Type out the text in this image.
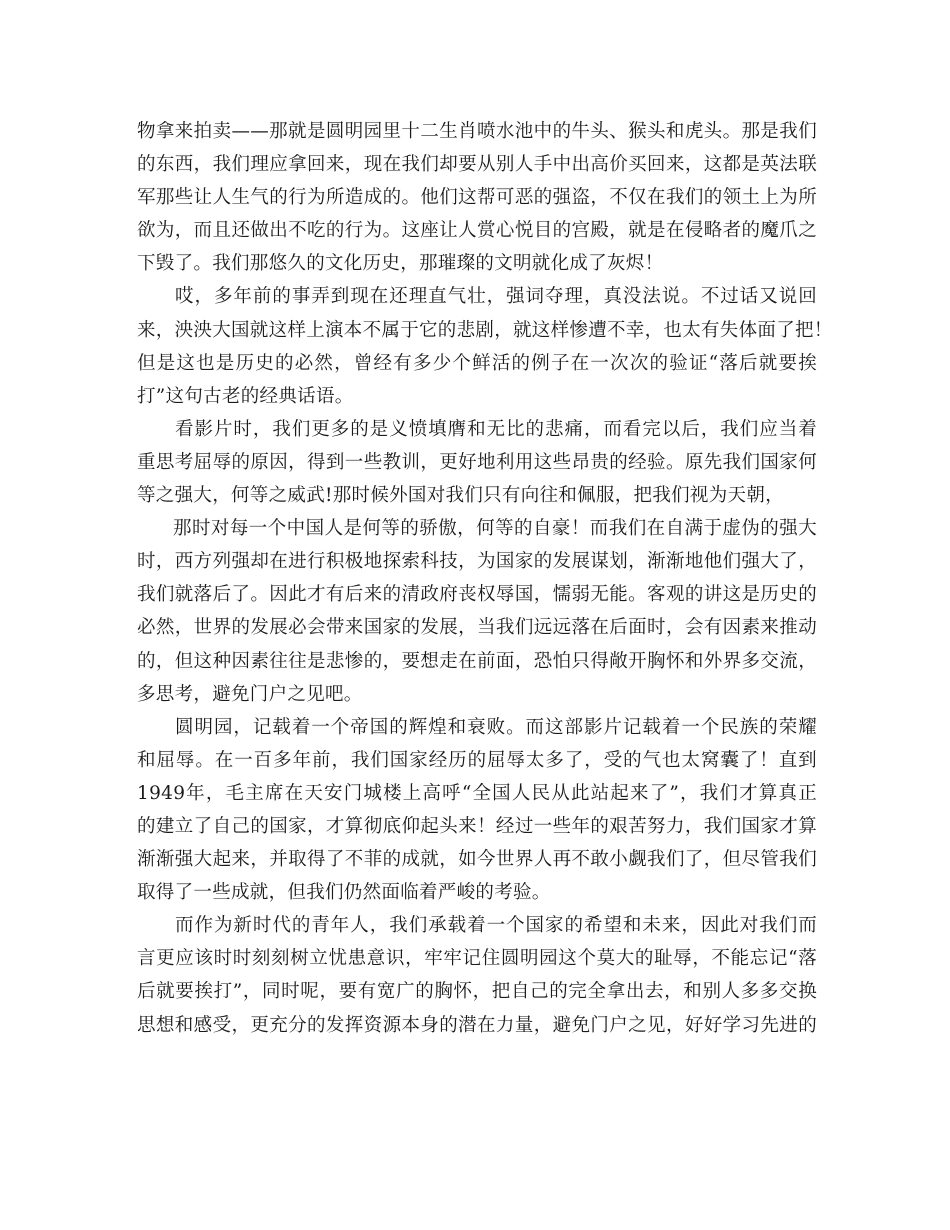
物拿来拍卖——那就是圆明园里十二生肖喷水池中的牛头、猴头和虎头。那是我们
的东西，我们理应拿回来，现在我们却要从别人手中出高价买回来，这都是英法联
军那些让人生气的行为所造成的。他们这帮可恶的强盗，不仅在我们的领土上为所
欲为，而且还做出不吃的行为。这座让人赏心悦目的宫殿，就是在侵略者的魔爪之
下毁了。我们那悠久的文化历史，那璀璨的文明就化成了灰烬！
哎，多年前的事弄到现在还理直气壮，强词夺理，真没法说。不过话又说回
来，泱泱大国就这样上演本不属于它的悲剧，就这样惨遭不幸，也太有失体面了把！
但是这也是历史的必然，曾经有多少个鲜活的例子在一次次的验证“落后就要挨
打”这句古老的经典话语。
看影片时，我们更多的是义愤填膺和无比的悲痛，而看完以后，我们应当着
重思考屈辱的原因，得到一些教训，更好地利用这些昂贵的经验。原先我们国家何
等之强大，何等之威武!那时候外国对我们只有向往和佩服，把我们视为天朝，
那时对每一个中国人是何等的骄傲，何等的自豪！而我们在自满于虚伪的强大
时，西方列强却在进行积极地探索科技，为国家的发展谋划，渐渐地他们强大了，
我们就落后了。因此才有后来的清政府丧权辱国，懦弱无能。客观的讲这是历史的
必然，世界的发展必会带来国家的发展，当我们远远落在后面时，会有因素来推动
的，但这种因素往往是悲惨的，要想走在前面，恐怕只得敞开胸怀和外界多交流，
多思考，避免门户之见吧。
圆明园，记载着一个帝国的辉煌和衰败。而这部影片记载着一个民族的荣耀
和屈辱。在一百多年前，我们国家经历的屈辱太多了，受的气也太窝囊了！直到
1949年，毛主席在天安门城楼上高呼“全国人民从此站起来了”，我们才算真正
的建立了自己的国家，才算彻底仰起头来！经过一些年的艰苦努力，我们国家才算
渐渐强大起来，并取得了不菲的成就，如今世界人再不敢小觑我们了，但尽管我们
取得了一些成就，但我们仍然面临着严峻的考验。
而作为新时代的青年人，我们承载着一个国家的希望和未来，因此对我们而
言更应该时时刻刻树立忧患意识，牢牢记住圆明园这个莫大的耻辱，不能忘记“落
后就要挨打”，同时呢，要有宽广的胸怀，把自己的完全拿出去，和别人多多交换
思想和感受，更充分的发挥资源本身的潜在力量，避免门户之见，好好学习先进的
